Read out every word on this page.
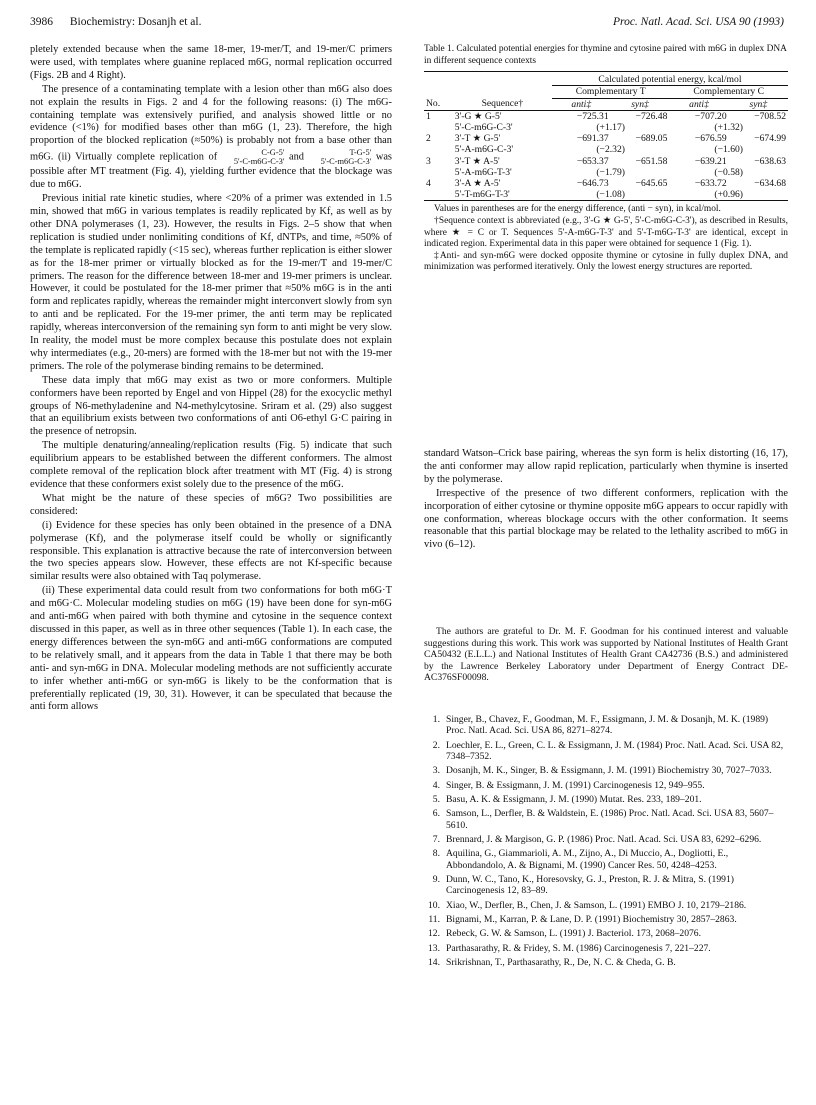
3986 Biochemistry: Dosanjh et al.	Proc. Natl. Acad. Sci. USA 90 (1993)

pletely extended because when the same 18-mer, 19-mer/T, and 19-mer/C primers were used, with templates where guanine replaced m6G, normal replication occurred (Figs. 2B and 4 Right).

The presence of a contaminating template with a lesion other than m6G also does not explain the results in Figs. 2 and 4 for the following reasons: (i) The m6G-containing template was extensively purified, and analysis showed little or no evidence (<1%) for modified bases other than m6G (1, 23). Therefore, the high proportion of the blocked replication (≈50%) is probably not from a base other than m6G. (ii) Virtually complete replication of	C-G-5'
5'-C-m6G-C-3' and	T-G-5'
5'-C-m6G-C-3' was possible after MT treatment (Fig. 4), yielding further evidence that the blockage was due to m6G.

Previous initial rate kinetic studies, where <20% of a primer was extended in 1.5 min, showed that m6G in various templates is readily replicated by Kf, as well as by other DNA polymerases (1, 23). However, the results in Figs. 2–5 show that when replication is studied under nonlimiting conditions of Kf, dNTPs, and time, ≈50% of the template is replicated rapidly (<15 sec), whereas further replication is either slower as for the 18-mer primer or virtually blocked as for the 19-mer/T and 19-mer/C primers. The reason for the difference between 18-mer and 19-mer primers is unclear. However, it could be postulated for the 18-mer primer that ≈50% m6G is in the anti form and replicates rapidly, whereas the remainder might interconvert slowly from syn to anti and be replicated. For the 19-mer primer, the anti term may be replicated rapidly, whereas interconversion of the remaining syn form to anti might be very slow. In reality, the model must be more complex because this postulate does not explain why intermediates (e.g., 20-mers) are formed with the 18-mer but not with the 19-mer primers. The role of the polymerase binding remains to be determined.

These data imply that m6G may exist as two or more conformers. Multiple conformers have been reported by Engel and von Hippel (28) for the exocyclic methyl groups of N6-methyladenine and N4-methylcytosine. Sriram et al. (29) also suggest that an equilibrium exists between two conformations of anti O6-ethyl G·C pairing in the presence of netropsin.

The multiple denaturing/annealing/replication results (Fig. 5) indicate that such equilibrium appears to be established between the different conformers. The almost complete removal of the replication block after treatment with MT (Fig. 4) is strong evidence that these conformers exist solely due to the presence of the m6G.

What might be the nature of these species of m6G? Two possibilities are considered:

(i) Evidence for these species has only been obtained in the presence of a DNA polymerase (Kf), and the polymerase itself could be wholly or significantly responsible. This explanation is attractive because the rate of interconversion between the two species appears slow. However, these effects are not Kf-specific because similar results were also obtained with Taq polymerase.

(ii) These experimental data could result from two conformations for both m6G·T and m6G·C. Molecular modeling studies on m6G (19) have been done for syn-m6G and anti-m6G when paired with both thymine and cytosine in the sequence context discussed in this paper, as well as in three other sequences (Table 1). In each case, the energy differences between the syn-m6G and anti-m6G conformations are computed to be relatively small, and it appears from the data in Table 1 that there may be both anti- and syn-m6G in DNA. Molecular modeling methods are not sufficiently accurate to infer whether anti-m6G or syn-m6G is likely to be the conformation that is preferentially replicated (19, 30, 31). However, it can be speculated that because the anti form allows

Table 1. Calculated potential energies for thymine and cytosine paired with m6G in duplex DNA in different sequence contexts
		Calculated potential energy, kcal/mol			
		Complementary T		Complementary C	
No.	Sequence†	anti‡	syn‡	anti‡	syn‡
1	3'-G ★ G-5'	−725.31	−726.48	−707.20	−708.52
	5'-C-m6G-C-3'	(+1.17)		(+1.32)	
2	3'-T ★ G-5'	−691.37	−689.05	−676.59	−674.99
	5'-A-m6G-C-3'	(−2.32)		(−1.60)	
3	3'-T ★ A-5'	−653.37	−651.58	−639.21	−638.63
	5'-A-m6G-T-3'	(−1.79)		(−0.58)	
4	3'-A ★ A-5'	−646.73	−645.65	−633.72	−634.68
	5'-T-m6G-T-3'	(−1.08)		(+0.96)	
Values in parentheses are for the energy difference, (anti − syn), in kcal/mol.
†Sequence context is abbreviated (e.g., 3'-G ★ G-5', 5'-C-m6G-C-3'), as described in Results, where ★ = C or T. Sequences 5'-A-m6G-T-3' and 5'-T-m6G-T-3' are identical, except in indicated region. Experimental data in this paper were obtained for sequence 1 (Fig. 1).
‡Anti- and syn-m6G were docked opposite thymine or cytosine in fully duplex DNA, and minimization was performed iteratively. Only the lowest energy structures are reported.

standard Watson–Crick base pairing, whereas the syn form is helix distorting (16, 17), the anti conformer may allow rapid replication, particularly when thymine is inserted by the polymerase.

Irrespective of the presence of two different conformers, replication with the incorporation of either cytosine or thymine opposite m6G appears to occur rapidly with one conformation, whereas blockage occurs with the other conformation. It seems reasonable that this partial blockage may be related to the lethality ascribed to m6G in vivo (6–12).

The authors are grateful to Dr. M. F. Goodman for his continued interest and valuable suggestions during this work. This work was supported by National Institutes of Health Grant CA50432 (E.L.L.) and National Institutes of Health Grant CA42736 (B.S.) and administered by the Lawrence Berkeley Laboratory under Department of Energy Contract DE-AC376SF00098.

1. Singer, B., Chavez, F., Goodman, M. F., Essigmann, J. M. & Dosanjh, M. K. (1989) Proc. Natl. Acad. Sci. USA 86, 8271–8274.
2. Loechler, E. L., Green, C. L. & Essigmann, J. M. (1984) Proc. Natl. Acad. Sci. USA 82, 7348–7352.
3. Dosanjh, M. K., Singer, B. & Essigmann, J. M. (1991) Biochemistry 30, 7027–7033.
4. Singer, B. & Essigmann, J. M. (1991) Carcinogenesis 12, 949–955.
5. Basu, A. K. & Essigmann, J. M. (1990) Mutat. Res. 233, 189–201.
6. Samson, L., Derfler, B. & Waldstein, E. (1986) Proc. Natl. Acad. Sci. USA 83, 5607–5610.
7. Brennard, J. & Margison, G. P. (1986) Proc. Natl. Acad. Sci. USA 83, 6292–6296.
8. Aquilina, G., Giammarioli, A. M., Zijno, A., Di Muccio, A., Dogliotti, E., Abbondandolo, A. & Bignami, M. (1990) Cancer Res. 50, 4248–4253.
9. Dunn, W. C., Tano, K., Horesovsky, G. J., Preston, R. J. & Mitra, S. (1991) Carcinogenesis 12, 83–89.
10. Xiao, W., Derfler, B., Chen, J. & Samson, L. (1991) EMBO J. 10, 2179–2186.
11. Bignami, M., Karran, P. & Lane, D. P. (1991) Biochemistry 30, 2857–2863.
12. Rebeck, G. W. & Samson, L. (1991) J. Bacteriol. 173, 2068–2076.
13. Parthasarathy, R. & Fridey, S. M. (1986) Carcinogenesis 7, 221–227.
14. Srikrishnan, T., Parthasarathy, R., De, N. C. & Cheda, G. B.
